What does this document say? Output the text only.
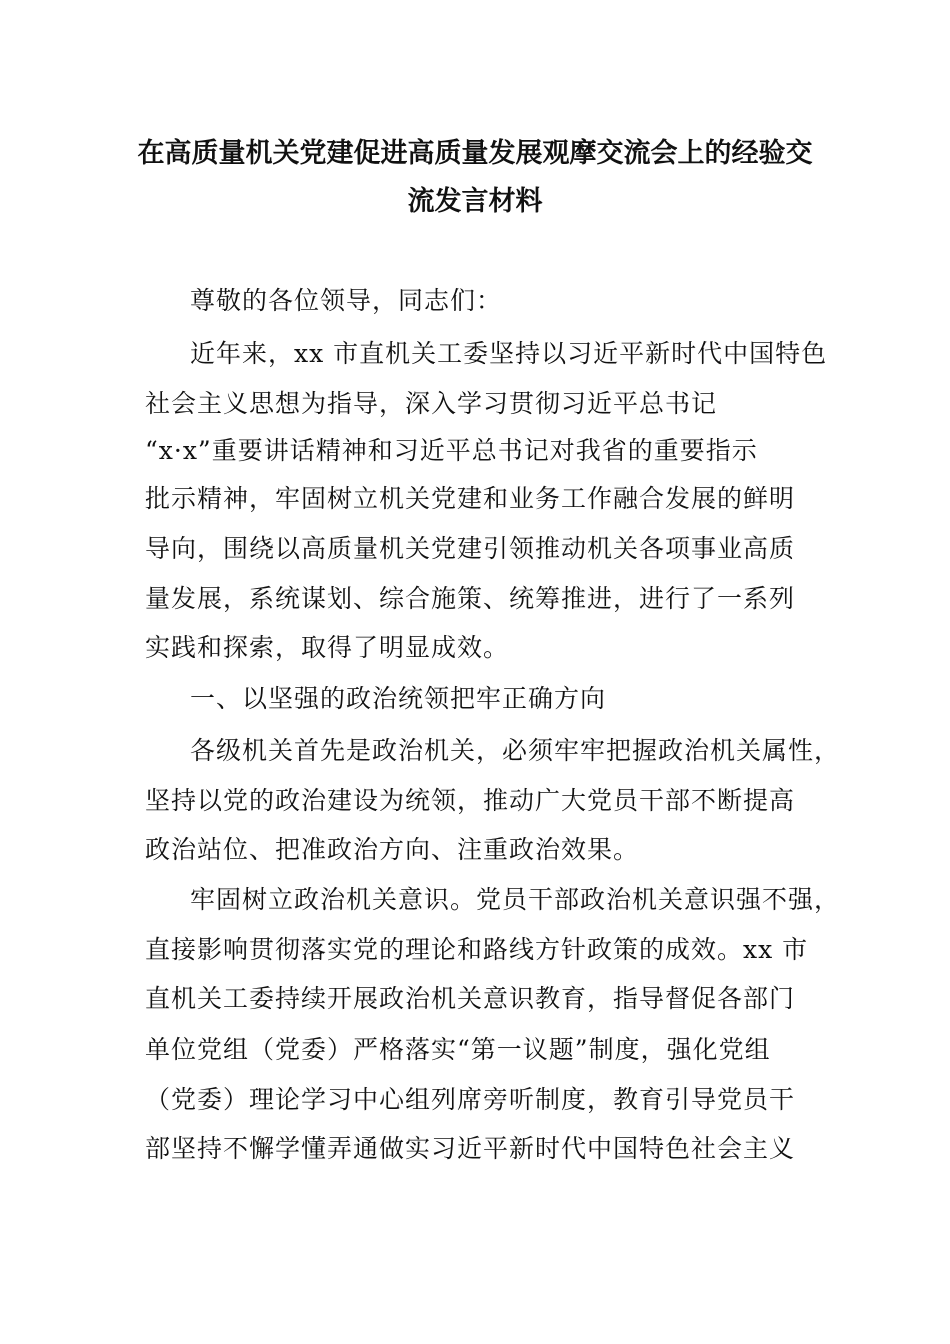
在高质量机关党建促进高质量发展观摩交流会上的经验交
流发言材料
尊敬的各位领导，同志们：
近年来，xx 市直机关工委坚持以习近平新时代中国特色
社会主义思想为指导，深入学习贯彻习近平总书记
“x·x”重要讲话精神和习近平总书记对我省的重要指示
批示精神，牢固树立机关党建和业务工作融合发展的鲜明
导向，围绕以高质量机关党建引领推动机关各项事业高质
量发展，系统谋划、综合施策、统筹推进，进行了一系列
实践和探索，取得了明显成效。
一、以坚强的政治统领把牢正确方向
各级机关首先是政治机关，必须牢牢把握政治机关属性，
坚持以党的政治建设为统领，推动广大党员干部不断提高
政治站位、把准政治方向、注重政治效果。
牢固树立政治机关意识。党员干部政治机关意识强不强，
直接影响贯彻落实党的理论和路线方针政策的成效。xx 市
直机关工委持续开展政治机关意识教育，指导督促各部门
单位党组（党委）严格落实“第一议题”制度，强化党组
（党委）理论学习中心组列席旁听制度，教育引导党员干
部坚持不懈学懂弄通做实习近平新时代中国特色社会主义
